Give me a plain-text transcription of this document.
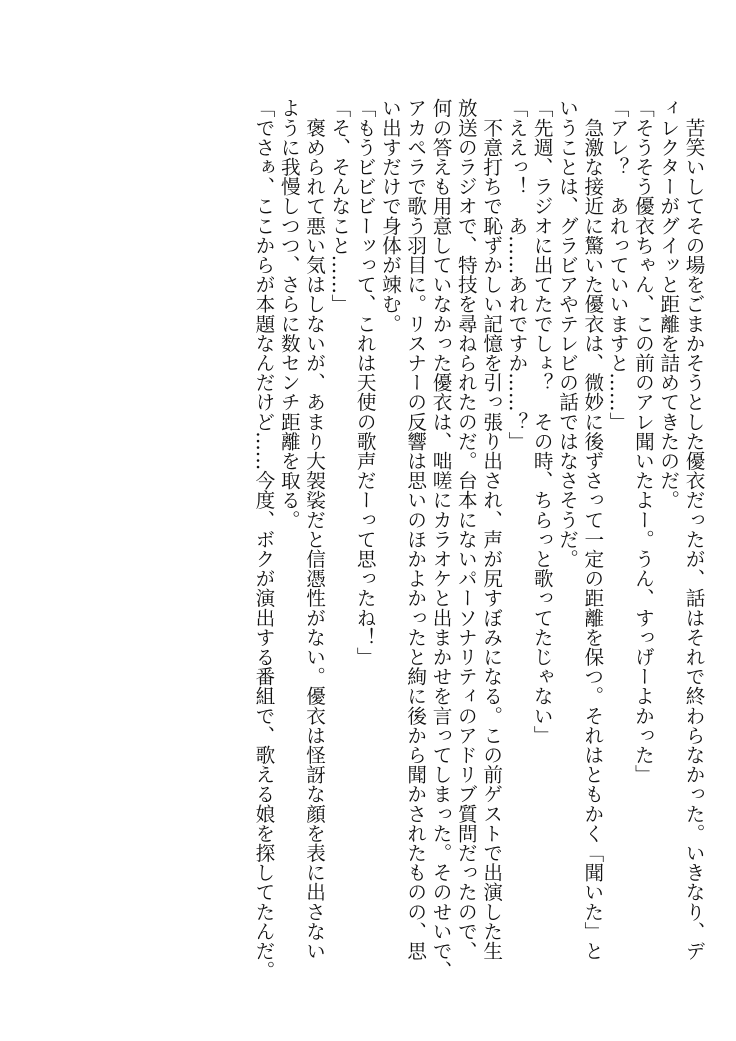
　苦笑いしてその場をごまかそうとした優衣だったが、話はそれで終わらなかった。いきなり、デ
ィレクターがグイッと距離を詰めてきたのだ。
「そうそう優衣ちゃん、この前のアレ聞いたよー。うん、すっげーよかった」
「アレ？　あれっていいますと……」
　急激な接近に驚いた優衣は、微妙に後ずさって一定の距離を保つ。それはともかく「聞いた」と
いうことは、グラビアやテレビの話ではなさそうだ。
「先週、ラジオに出てたでしょ？　その時、ちらっと歌ってたじゃない」
「ええっ！　あ……あれですか……？」
　不意打ちで恥ずかしい記憶を引っ張り出され、声が尻すぼみになる。この前ゲストで出演した生
放送のラジオで、特技を尋ねられたのだ。台本にないパーソナリティのアドリブ質問だったので、
何の答えも用意していなかった優衣は、咄嗟にカラオケと出まかせを言ってしまった。そのせいで、
アカペラで歌う羽目に。リスナーの反響は思いのほかよかったと絢に後から聞かされたものの、思
い出すだけで身体が竦む。
「もうビビビーッって、これは天使の歌声だーって思ったね！」
「そ、そんなこと……」
　褒められて悪い気はしないが、あまり大袈裟だと信憑性がない。優衣は怪訝な顔を表に出さない
ように我慢しつつ、さらに数センチ距離を取る。
「でさぁ、ここからが本題なんだけど……今度、ボクが演出する番組で、歌える娘を探してたんだ。
